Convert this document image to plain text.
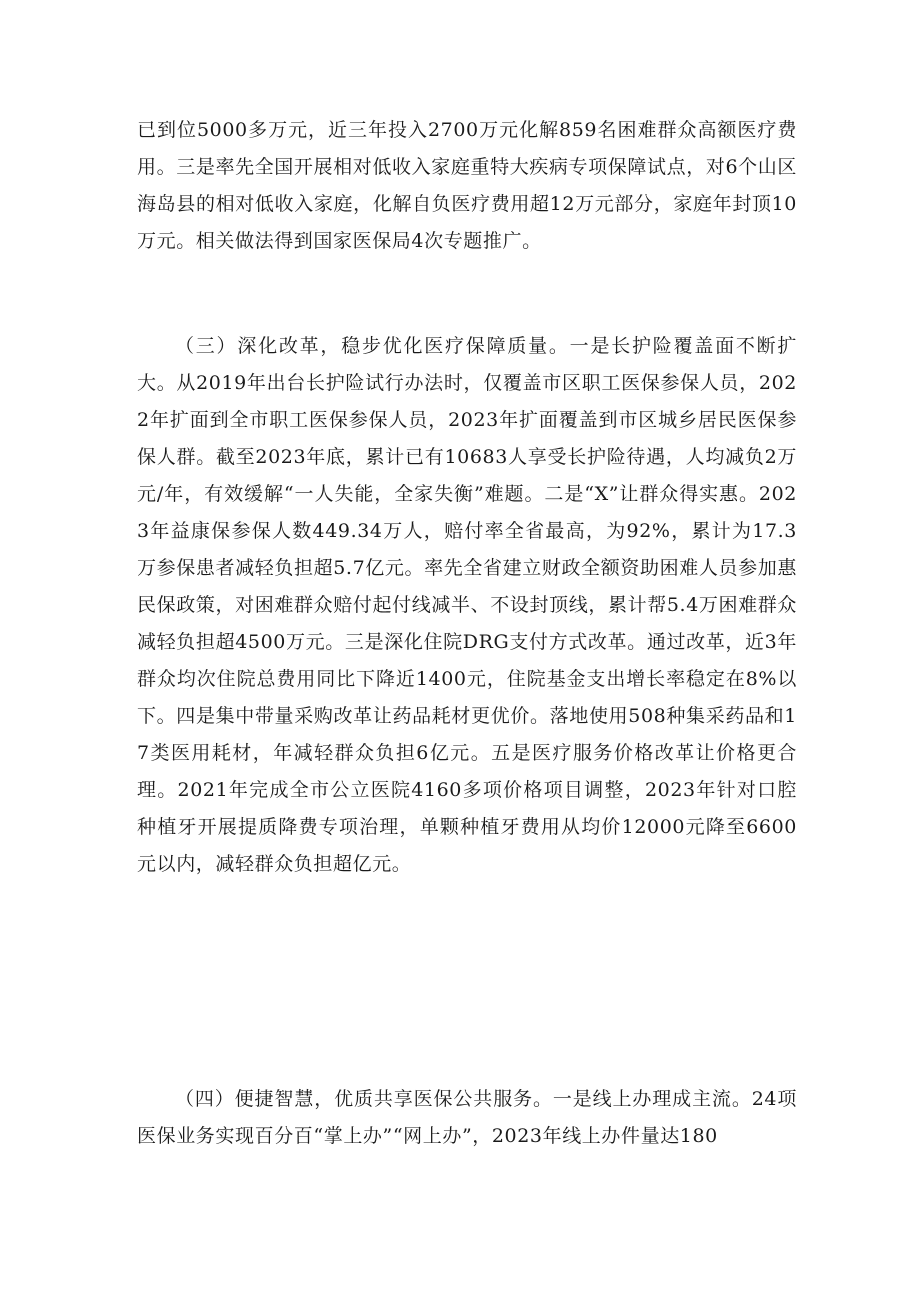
已到位5000多万元，近三年投入2700万元化解859名困难群众高额医疗费用。三是率先全国开展相对低收入家庭重特大疾病专项保障试点，对6个山区海岛县的相对低收入家庭，化解自负医疗费用超12万元部分，家庭年封顶10万元。相关做法得到国家医保局4次专题推广。

（三）深化改革，稳步优化医疗保障质量。一是长护险覆盖面不断扩大。从2019年出台长护险试行办法时，仅覆盖市区职工医保参保人员，2022年扩面到全市职工医保参保人员，2023年扩面覆盖到市区城乡居民医保参保人群。截至2023年底，累计已有10683人享受长护险待遇，人均减负2万元/年，有效缓解“一人失能，全家失衡”难题。二是“X”让群众得实惠。2023年益康保参保人数449.34万人，赔付率全省最高，为92%，累计为17.3万参保患者减轻负担超5.7亿元。率先全省建立财政全额资助困难人员参加惠民保政策，对困难群众赔付起付线减半、不设封顶线，累计帮5.4万困难群众减轻负担超4500万元。三是深化住院DRG支付方式改革。通过改革，近3年群众均次住院总费用同比下降近1400元，住院基金支出增长率稳定在8%以下。四是集中带量采购改革让药品耗材更优价。落地使用508种集采药品和17类医用耗材，年减轻群众负担6亿元。五是医疗服务价格改革让价格更合理。2021年完成全市公立医院4160多项价格项目调整，2023年针对口腔种植牙开展提质降费专项治理，单颗种植牙费用从均价12000元降至6600元以内，减轻群众负担超亿元。

（四）便捷智慧，优质共享医保公共服务。一是线上办理成主流。24项医保业务实现百分百“掌上办”“网上办”，2023年线上办件量达180
